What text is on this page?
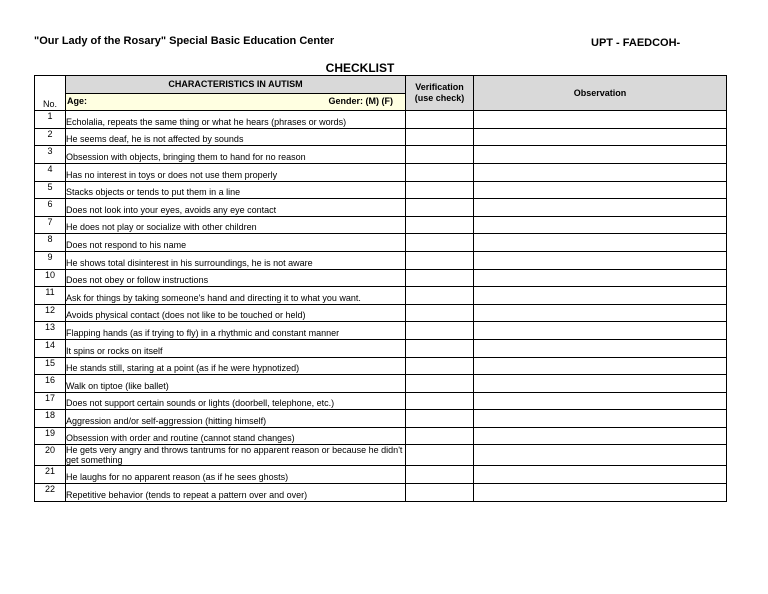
"Our Lady of the Rosary" Special Basic Education Center	UPT - FAEDCOH-
CHECKLIST
No.	CHARACTERISTICS IN AUTISM	Verification (use check)	Observation

	Age: Gender: (M) (F)		

1	Echolalia, repeats the same thing or what he hears (phrases or words)		
2	He seems deaf, he is not affected by sounds		
3	Obsession with objects, bringing them to hand for no reason		
4	Has no interest in toys or does not use them properly		
5	Stacks objects or tends to put them in a line		
6	Does not look into your eyes, avoids any eye contact		
7	He does not play or socialize with other children		
8	Does not respond to his name		
9	He shows total disinterest in his surroundings, he is not aware		
10	Does not obey or follow instructions		
11	Ask for things by taking someone's hand and directing it to what you want.		
12	Avoids physical contact (does not like to be touched or held)		
13	Flapping hands (as if trying to fly) in a rhythmic and constant manner		
14	It spins or rocks on itself		
15	He stands still, staring at a point (as if he were hypnotized)		
16	Walk on tiptoe (like ballet)		
17	Does not support certain sounds or lights (doorbell, telephone, etc.)		
18	Aggression and/or self-aggression (hitting himself)		
19	Obsession with order and routine (cannot stand changes)		
20	He gets very angry and throws tantrums for no apparent reason or because he didn't get something		
21	He laughs for no apparent reason (as if he sees ghosts)		
22	Repetitive behavior (tends to repeat a pattern over and over)		
